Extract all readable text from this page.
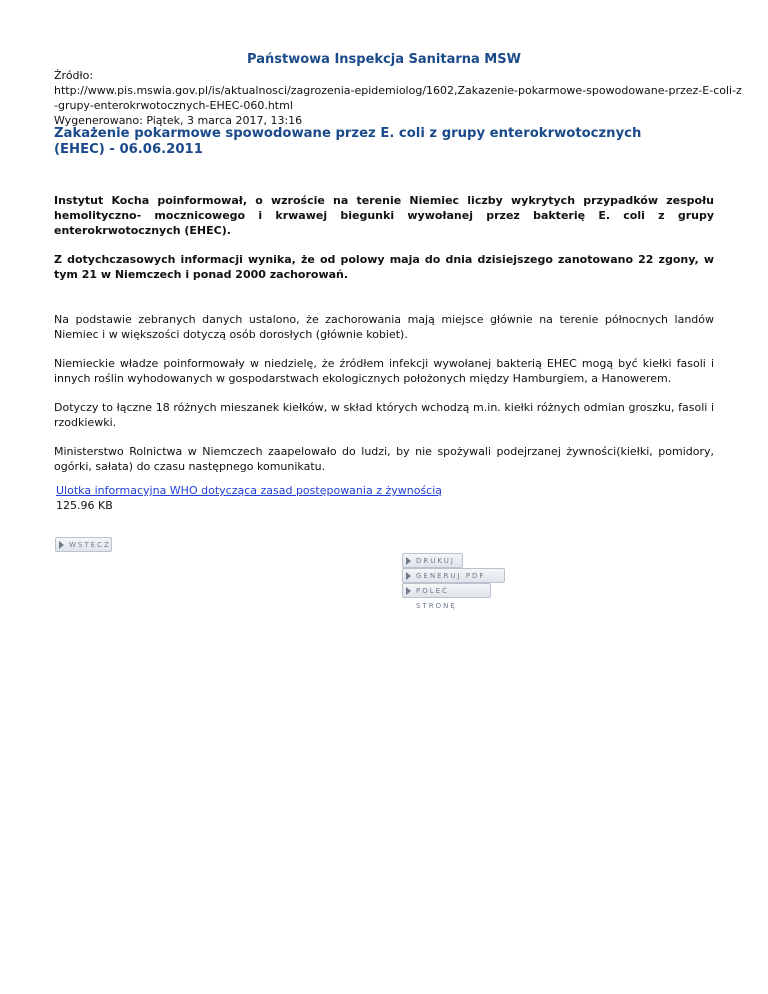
Państwowa Inspekcja Sanitarna MSW
Źródło:
http://www.pis.mswia.gov.pl/is/aktualnosci/zagrozenia-epidemiolog/1602,Zakazenie-pokarmowe-spowodowane-przez-E-coli-z
-grupy-enterokrwotocznych-EHEC-060.html
Wygenerowano: Piątek, 3 marca 2017, 13:16
Zakażenie pokarmowe spowodowane przez E. coli z grupy enterokrwotocznych (EHEC) - 06.06.2011

Instytut Kocha poinformował, o wzroście na terenie Niemiec liczby wykrytych przypadków zespołu hemolityczno- mocznicowego i krwawej biegunki wywołanej przez bakterię E. coli z grupy enterokrwotocznych (EHEC).

Z dotychczasowych informacji wynika, że od polowy maja do dnia dzisiejszego zanotowano 22 zgony, w tym 21 w Niemczech i ponad 2000 zachorowań.

Na podstawie zebranych danych ustalono, że zachorowania mają miejsce głównie na terenie północnych landów Niemiec i w większości dotyczą osób dorosłych (głównie kobiet).

Niemieckie władze poinformowały w niedzielę, że źródłem infekcji wywołanej bakterią EHEC mogą być kiełki fasoli i innych roślin wyhodowanych w gospodarstwach ekologicznych położonych między Hamburgiem, a Hanowerem.

Dotyczy to łączne 18 różnych mieszanek kiełków, w skład których wchodzą m.in. kiełki różnych odmian groszku, fasoli i rzodkiewki.

Ministerstwo Rolnictwa w Niemczech zaapelowało do ludzi, by nie spożywali podejrzanej żywności(kiełki, pomidory, ogórki, sałata) do czasu następnego komunikatu.

Ulotka informacyjna WHO dotycząca zasad postępowania z żywnością
125.96 KB
WSTECZ
DRUKUJ
GENERUJ PDF
POLEĆ STRONĘ
